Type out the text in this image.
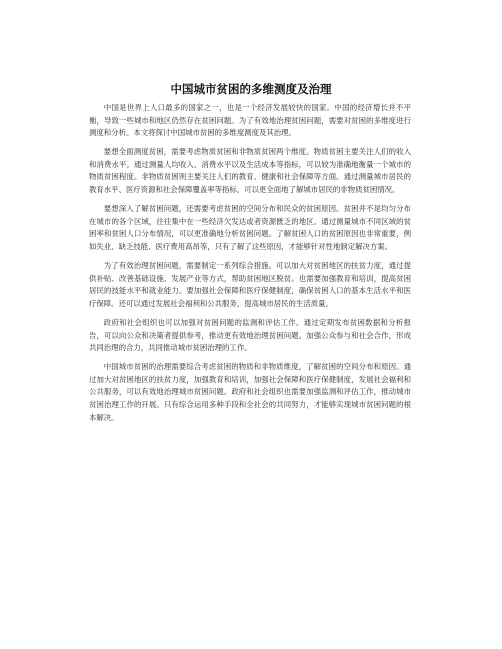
中国城市贫困的多维测度及治理

中国是世界上人口最多的国家之一，也是一个经济发展较快的国家。中国的经济增长并不平衡，导致一些城市和地区仍然存在贫困问题。为了有效地治理贫困问题，需要对贫困的多维度进行测度和分析。本文将探讨中国城市贫困的多维度测度及其治理。

要想全面测度贫困，需要考虑物质贫困和非物质贫困两个维度。物质贫困主要关注人们的收入和消费水平。通过测量人均收入、消费水平以及生活成本等指标，可以较为准确地衡量一个城市的物质贫困程度。非物质贫困则主要关注人们的教育、健康和社会保障等方面。通过测量城市居民的教育水平、医疗资源和社会保障覆盖率等指标，可以更全面地了解城市居民的非物质贫困情况。

要想深入了解贫困问题，还需要考虑贫困的空间分布和民众的贫困原因。贫困并不是均匀分布在城市的各个区域，往往集中在一些经济欠发达或者资源匮乏的地区。通过测量城市不同区域的贫困率和贫困人口分布情况，可以更准确地分析贫困问题。了解贫困人口的贫困原因也非常重要，例如失业、缺乏技能、医疗费用高昂等，只有了解了这些原因，才能够针对性地制定解决方案。

为了有效治理贫困问题，需要制定一系列综合措施。可以加大对贫困地区的扶贫力度，通过提供补贴、改善基础设施、发展产业等方式，帮助贫困地区脱贫。也需要加强教育和培训，提高贫困居民的技能水平和就业能力。要加强社会保障和医疗保健制度，确保贫困人口的基本生活水平和医疗保障。还可以通过发展社会福利和公共服务，提高城市居民的生活质量。

政府和社会组织也可以加强对贫困问题的监测和评估工作。通过定期发布贫困数据和分析报告，可以向公众和决策者提供参考，推动更有效地治理贫困问题。加强公众参与和社会合作，形成共同治理的合力，共同推动城市贫困治理的工作。

中国城市贫困的治理需要综合考虑贫困的物质和非物质维度，了解贫困的空间分布和原因。通过加大对贫困地区的扶贫力度，加强教育和培训，加强社会保障和医疗保健制度，发展社会福利和公共服务，可以有效地治理城市贫困问题。政府和社会组织也需要加强监测和评估工作，推动城市贫困治理工作的开展。只有综合运用多种手段和全社会的共同努力，才能够实现城市贫困问题的根本解决。
